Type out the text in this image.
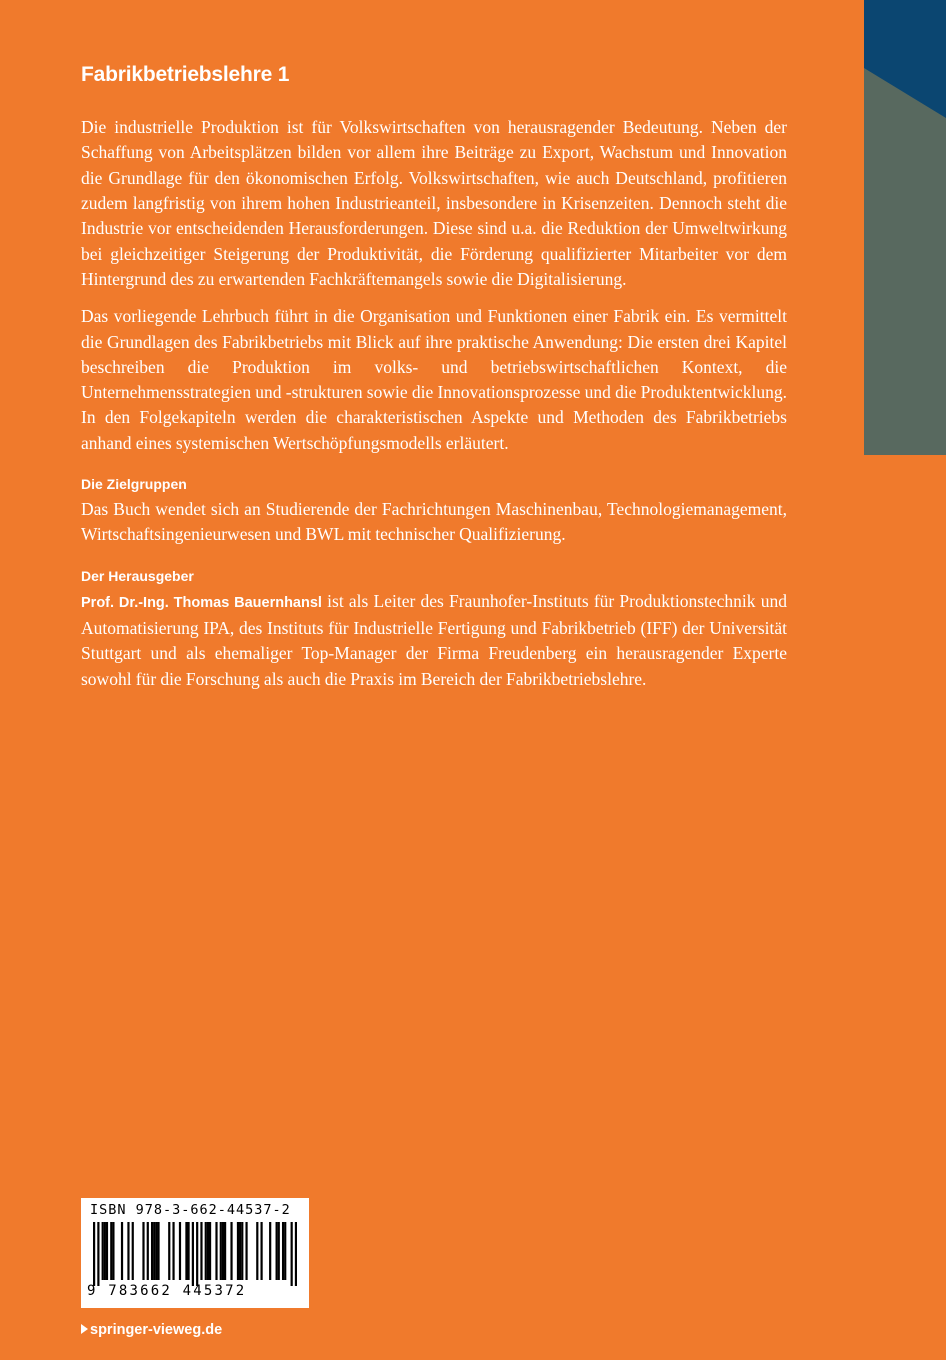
Fabrikbetriebslehre 1

Die industrielle Produktion ist für Volkswirtschaften von herausragender Bedeutung. Neben der Schaffung von Arbeitsplätzen bilden vor allem ihre Beiträge zu Export, Wachstum und Innovation die Grundlage für den ökonomischen Erfolg. Volkswirtschaften, wie auch Deutschland, profitieren zudem langfristig von ihrem hohen Industrieanteil, insbesondere in Krisenzeiten. Dennoch steht die Industrie vor entscheidenden Herausforderungen. Diese sind u.a. die Reduktion der Umweltwirkung bei gleichzeitiger Steigerung der Produktivität, die Förderung qualifizierter Mitarbeiter vor dem Hintergrund des zu erwartenden Fachkräftemangels sowie die Digitalisierung.

Das vorliegende Lehrbuch führt in die Organisation und Funktionen einer Fabrik ein. Es vermittelt die Grundlagen des Fabrikbetriebs mit Blick auf ihre praktische Anwendung: Die ersten drei Kapitel beschreiben die Produktion im volks- und betriebswirtschaftlichen Kontext, die Unternehmensstrategien und -strukturen sowie die Innovationsprozesse und die Produktentwicklung. In den Folgekapiteln werden die charakteristischen Aspekte und Methoden des Fabrikbetriebs anhand eines systemischen Wertschöpfungsmodells erläutert.

Die Zielgruppen

Das Buch wendet sich an Studierende der Fachrichtungen Maschinenbau, Technologiemanagement, Wirtschaftsingenieurwesen und BWL mit technischer Qualifizierung.

Der Herausgeber

Prof. Dr.-Ing. Thomas Bauernhansl ist als Leiter des Fraunhofer-Instituts für Produktionstechnik und Automatisierung IPA, des Instituts für Industrielle Fertigung und Fabrikbetrieb (IFF) der Universität Stuttgart und als ehemaliger Top-Manager der Firma Freudenberg ein herausragender Experte sowohl für die Forschung als auch die Praxis im Bereich der Fabrikbetriebslehre.

ISBN 978-3-662-44537-2
9 783662 445372
springer-vieweg.de
